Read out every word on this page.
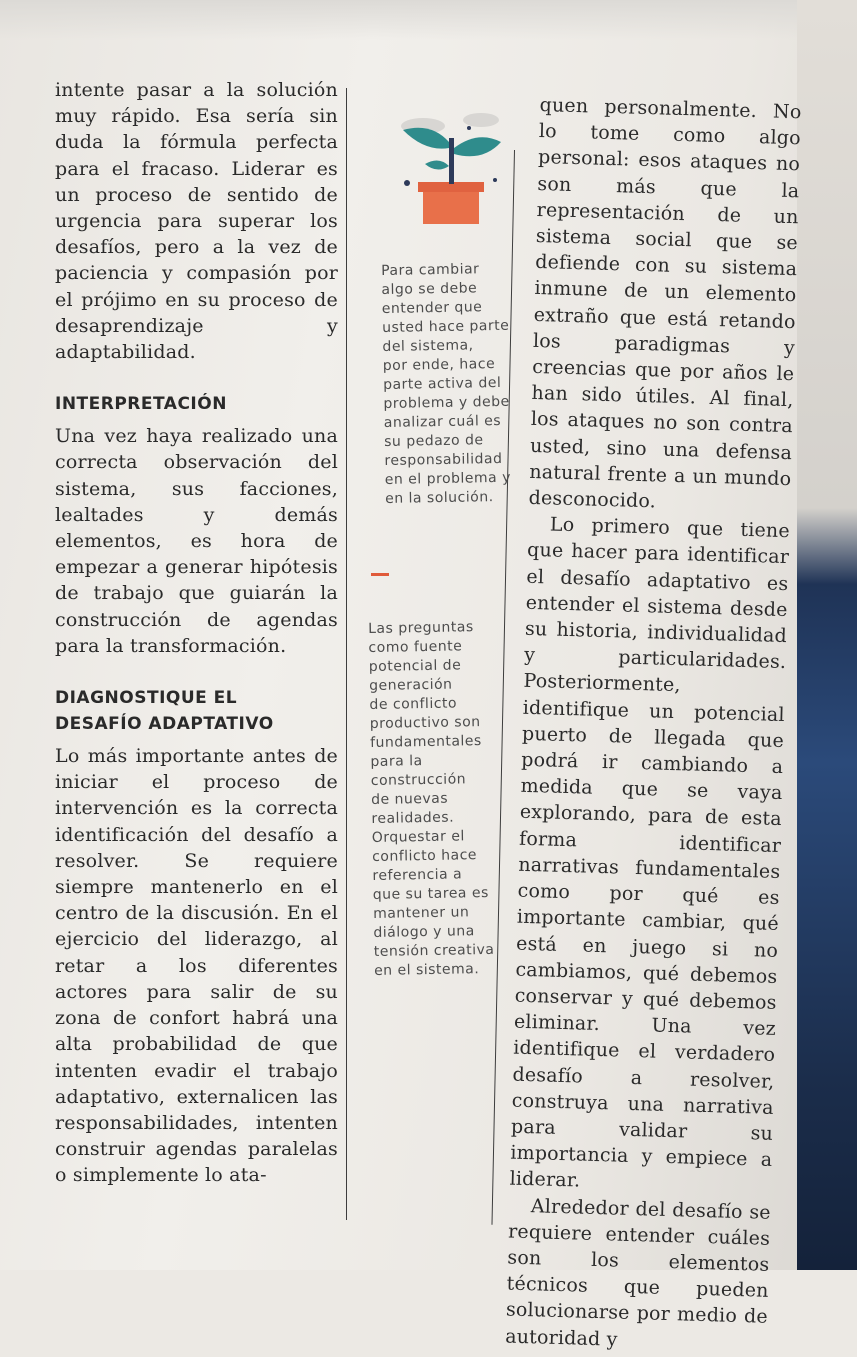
intente pasar a la solución muy rápido. Esa sería sin duda la fórmula perfecta para el fracaso. Liderar es un proceso de sentido de urgencia para superar los desafíos, pero a la vez de paciencia y compasión por el prójimo en su proceso de desaprendizaje y adaptabilidad.

INTERPRETACIÓN

Una vez haya realizado una correcta observación del sistema, sus facciones, lealtades y demás elementos, es hora de empezar a generar hipótesis de trabajo que guiarán la construcción de agendas para la transformación.

DIAGNOSTIQUE EL

DESAFÍO ADAPTATIVO

Lo más importante antes de iniciar el proceso de intervención es la correcta identificación del desafío a resolver. Se requiere siempre mantenerlo en el centro de la discusión. En el ejercicio del liderazgo, al retar a los diferentes actores para salir de su zona de confort habrá una alta probabilidad de que intenten evadir el trabajo adaptativo, externalicen las responsabilidades, intenten construir agendas paralelas o simplemente lo ata-

Para cambiar
algo se debe
entender que
usted hace parte
del sistema,
por ende, hace
parte activa del
problema y debe
analizar cuál es
su pedazo de
responsabilidad
en el problema y
en la solución.
Las preguntas
como fuente
potencial de
generación
de conflicto
productivo son
fundamentales
para la
construcción
de nuevas
realidades.
Orquestar el
conflicto hace
referencia a
que su tarea es
mantener un
diálogo y una
tensión creativa
en el sistema.

quen personalmente. No lo tome como algo personal: esos ataques no son más que la representación de un sistema social que se defiende con su sistema inmune de un elemento extraño que está retando los paradigmas y creencias que por años le han sido útiles. Al final, los ataques no son contra usted, sino una defensa natural frente a un mundo desconocido.

Lo primero que tiene que hacer para identificar el desafío adaptativo es entender el sistema desde su historia, individualidad y particularidades. Posteriormente, identifique un potencial puerto de llegada que podrá ir cambiando a medida que se vaya explorando, para de esta forma identificar narrativas fundamentales como por qué es importante cambiar, qué está en juego si no cambiamos, qué debemos conservar y qué debemos eliminar. Una vez identifique el verdadero desafío a resolver, construya una narrativa para validar su importancia y empiece a liderar.

Alrededor del desafío se requiere entender cuáles son los elementos técnicos que pueden solucionarse por medio de autoridad y
